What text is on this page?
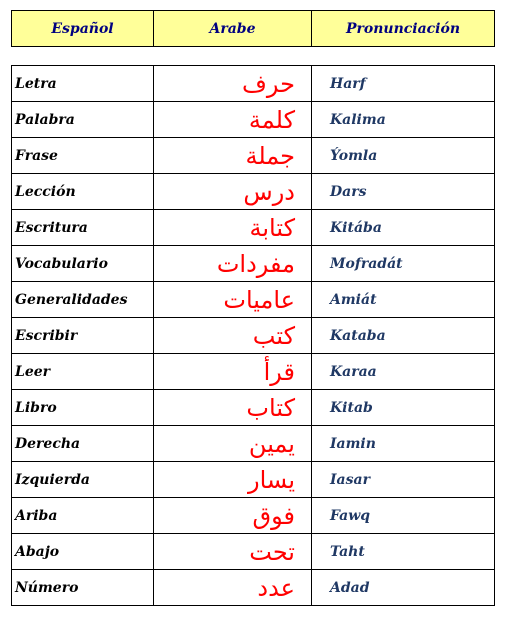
Español	Arabe	Pronunciación
Letra	حرف	Harf
Palabra	كلمة	Kalima
Frase	جملة	Ýomla
Lección	درس	Dars
Escritura	كتابة	Kitába
Vocabulario	مفردات	Mofradát
Generalidades	عاميات	Amiát
Escribir	كتب	Kataba
Leer	قرأ	Karaa
Libro	كتاب	Kitab
Derecha	يمين	Iamin
Izquierda	يسار	Iasar
Ariba	فوق	Fawq
Abajo	تحت	Taht
Número	عدد	Adad
